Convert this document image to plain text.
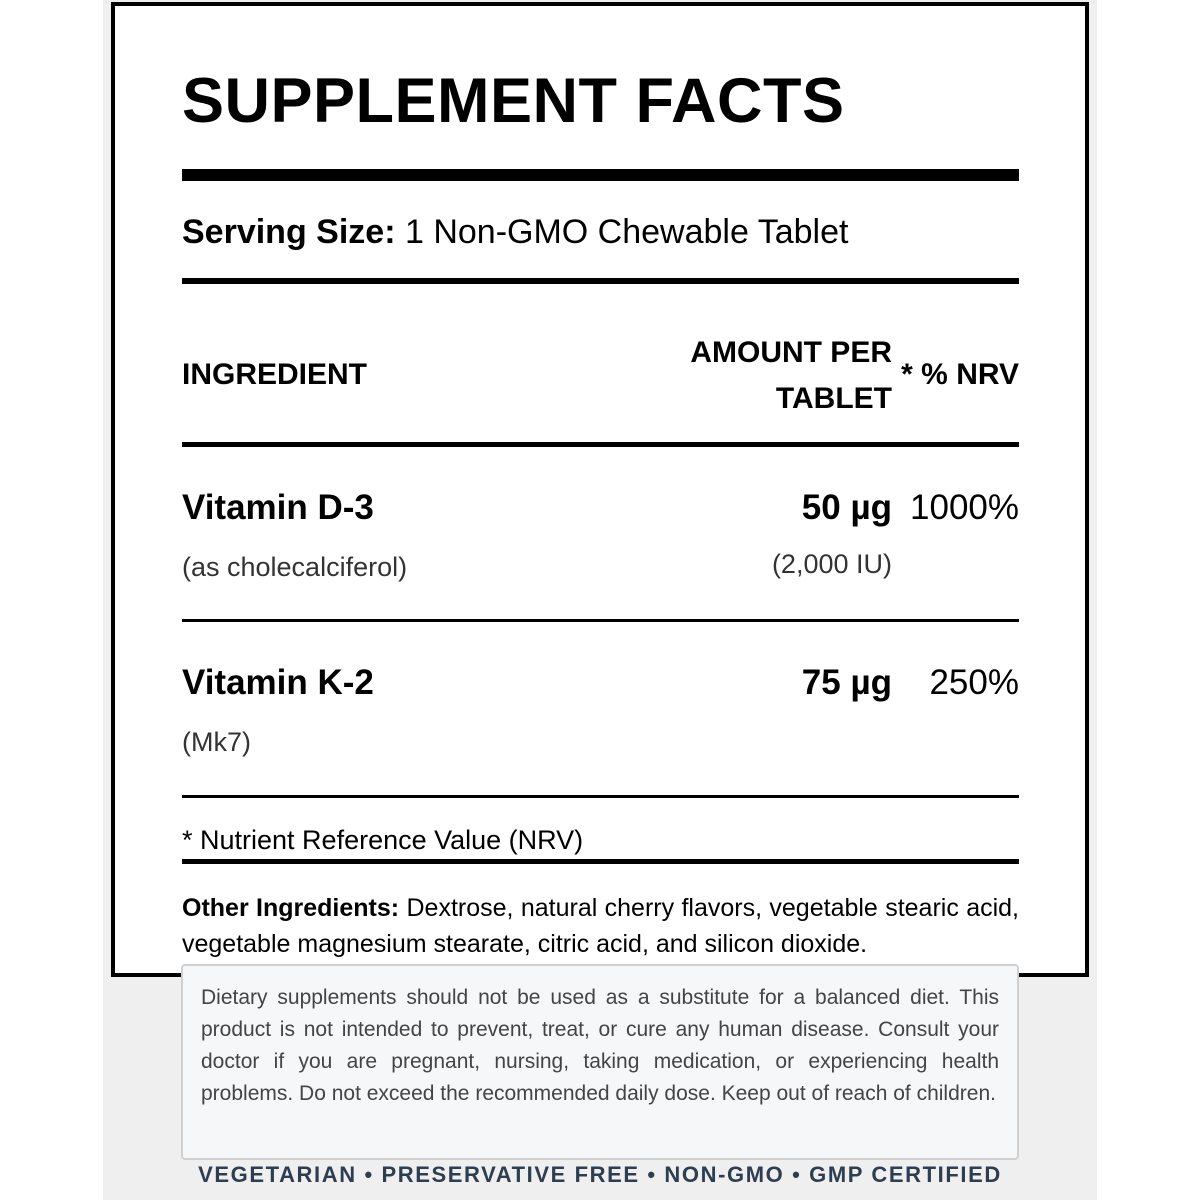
SUPPLEMENT FACTS
Serving Size: 1 Non-GMO Chewable Tablet
INGREDIENT
AMOUNT PER
TABLET
* % NRV
Vitamin D-3
(as cholecalciferol)
50 µg
(2,000 IU)
1000%
Vitamin K-2
(Mk7)
75 µg 250%
* Nutrient Reference Value (NRV)
Other Ingredients: Dextrose, natural cherry flavors, vegetable stearic acid, vegetable magnesium stearate, citric acid, and silicon dioxide.
Dietary supplements should not be used as a substitute for a balanced diet. This product is not intended to prevent, treat, or cure any human disease. Consult your doctor if you are pregnant, nursing, taking medication, or experiencing health problems. Do not exceed the recommended daily dose. Keep out of reach of children.
VEGETARIAN • PRESERVATIVE FREE • NON-GMO • GMP CERTIFIED
